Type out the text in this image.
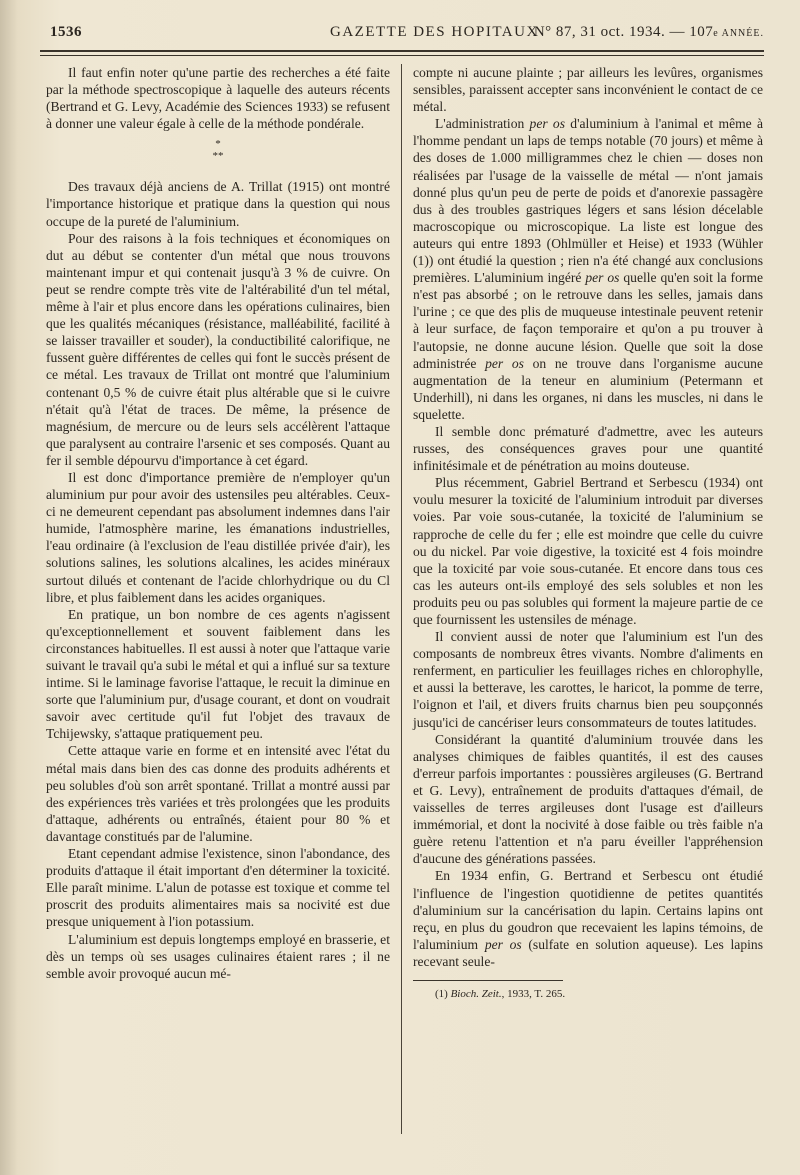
1536	GAZETTE DES HOPITAUX
N° 87, 31 oct. 1934. — 107e ANNÉE.

Il faut enfin noter qu'une partie des recherches a été faite par la méthode spectroscopique à laquelle des auteurs récents (Bertrand et G. Levy, Académie des Sciences 1933) se refusent à donner une valeur égale à celle de la méthode pondérale.

*
**

Des travaux déjà anciens de A. Trillat (1915) ont montré l'importance historique et pratique dans la question qui nous occupe de la pureté de l'aluminium.

Pour des raisons à la fois techniques et économiques on dut au début se contenter d'un métal que nous trouvons maintenant impur et qui contenait jusqu'à 3 % de cuivre. On peut se rendre compte très vite de l'altérabilité d'un tel métal, même à l'air et plus encore dans les opérations culinaires, bien que les qualités mécaniques (résistance, malléabilité, facilité à se laisser travailler et souder), la conductibilité calorifique, ne fussent guère différentes de celles qui font le succès présent de ce métal. Les travaux de Trillat ont montré que l'aluminium contenant 0,5 % de cuivre était plus altérable que si le cuivre n'était qu'à l'état de traces. De même, la présence de magnésium, de mercure ou de leurs sels accélèrent l'attaque que paralysent au contraire l'arsenic et ses composés. Quant au fer il semble dépourvu d'importance à cet égard.

Il est donc d'importance première de n'employer qu'un aluminium pur pour avoir des ustensiles peu altérables. Ceux-ci ne demeurent cependant pas absolument indemnes dans l'air humide, l'atmosphère marine, les émanations industrielles, l'eau ordinaire (à l'exclusion de l'eau distillée privée d'air), les solutions salines, les solutions alcalines, les acides minéraux surtout dilués et contenant de l'acide chlorhydrique ou du Cl libre, et plus faiblement dans les acides organiques.

En pratique, un bon nombre de ces agents n'agissent qu'exceptionnellement et souvent faiblement dans les circonstances habituelles. Il est aussi à noter que l'attaque varie suivant le travail qu'a subi le métal et qui a influé sur sa texture intime. Si le laminage favorise l'attaque, le recuit la diminue en sorte que l'aluminium pur, d'usage courant, et dont on voudrait savoir avec certitude qu'il fut l'objet des travaux de Tchijewsky, s'attaque pratiquement peu.

Cette attaque varie en forme et en intensité avec l'état du métal mais dans bien des cas donne des produits adhérents et peu solubles d'où son arrêt spontané. Trillat a montré aussi par des expériences très variées et très prolongées que les produits d'attaque, adhérents ou entraînés, étaient pour 80 % et davantage constitués par de l'alumine.

Etant cependant admise l'existence, sinon l'abondance, des produits d'attaque il était important d'en déterminer la toxicité. Elle paraît minime. L'alun de potasse est toxique et comme tel proscrit des produits alimentaires mais sa nocivité est due presque uniquement à l'ion potassium.

L'aluminium est depuis longtemps employé en brasserie, et dès un temps où ses usages culinaires étaient rares ; il ne semble avoir provoqué aucun mé-

compte ni aucune plainte ; par ailleurs les levûres, organismes sensibles, paraissent accepter sans inconvénient le contact de ce métal.

L'administration per os d'aluminium à l'animal et même à l'homme pendant un laps de temps notable (70 jours) et même à des doses de 1.000 milligrammes chez le chien — doses non réalisées par l'usage de la vaisselle de métal — n'ont jamais donné plus qu'un peu de perte de poids et d'anorexie passagère dus à des troubles gastriques légers et sans lésion décelable macroscopique ou microscopique. La liste est longue des auteurs qui entre 1893 (Ohlmüller et Heise) et 1933 (Wühler (1)) ont étudié la question ; rien n'a été changé aux conclusions premières. L'aluminium ingéré per os quelle qu'en soit la forme n'est pas absorbé ; on le retrouve dans les selles, jamais dans l'urine ; ce que des plis de muqueuse intestinale peuvent retenir à leur surface, de façon temporaire et qu'on a pu trouver à l'autopsie, ne donne aucune lésion. Quelle que soit la dose administrée per os on ne trouve dans l'organisme aucune augmentation de la teneur en aluminium (Petermann et Underhill), ni dans les organes, ni dans les muscles, ni dans le squelette.

Il semble donc prématuré d'admettre, avec les auteurs russes, des conséquences graves pour une quantité infinitésimale et de pénétration au moins douteuse.

Plus récemment, Gabriel Bertrand et Serbescu (1934) ont voulu mesurer la toxicité de l'aluminium introduit par diverses voies. Par voie sous-cutanée, la toxicité de l'aluminium se rapproche de celle du fer ; elle est moindre que celle du cuivre ou du nickel. Par voie digestive, la toxicité est 4 fois moindre que la toxicité par voie sous-cutanée. Et encore dans tous ces cas les auteurs ont-ils employé des sels solubles et non les produits peu ou pas solubles qui forment la majeure partie de ce que fournissent les ustensiles de ménage.

Il convient aussi de noter que l'aluminium est l'un des composants de nombreux êtres vivants. Nombre d'aliments en renferment, en particulier les feuillages riches en chlorophylle, et aussi la betterave, les carottes, le haricot, la pomme de terre, l'oignon et l'ail, et divers fruits charnus bien peu soupçonnés jusqu'ici de cancériser leurs consommateurs de toutes latitudes.

Considérant la quantité d'aluminium trouvée dans les analyses chimiques de faibles quantités, il est des causes d'erreur parfois importantes : poussières argileuses (G. Bertrand et G. Levy), entraînement de produits d'attaques d'émail, de vaisselles de terres argileuses dont l'usage est d'ailleurs immémorial, et dont la nocivité à dose faible ou très faible n'a guère retenu l'attention et n'a paru éveiller l'appréhension d'aucune des générations passées.

En 1934 enfin, G. Bertrand et Serbescu ont étudié l'influence de l'ingestion quotidienne de petites quantités d'aluminium sur la cancérisation du lapin. Certains lapins ont reçu, en plus du goudron que recevaient les lapins témoins, de l'aluminium per os (sulfate en solution aqueuse). Les lapins recevant seule-

(1) Bioch. Zeit., 1933, T. 265.
